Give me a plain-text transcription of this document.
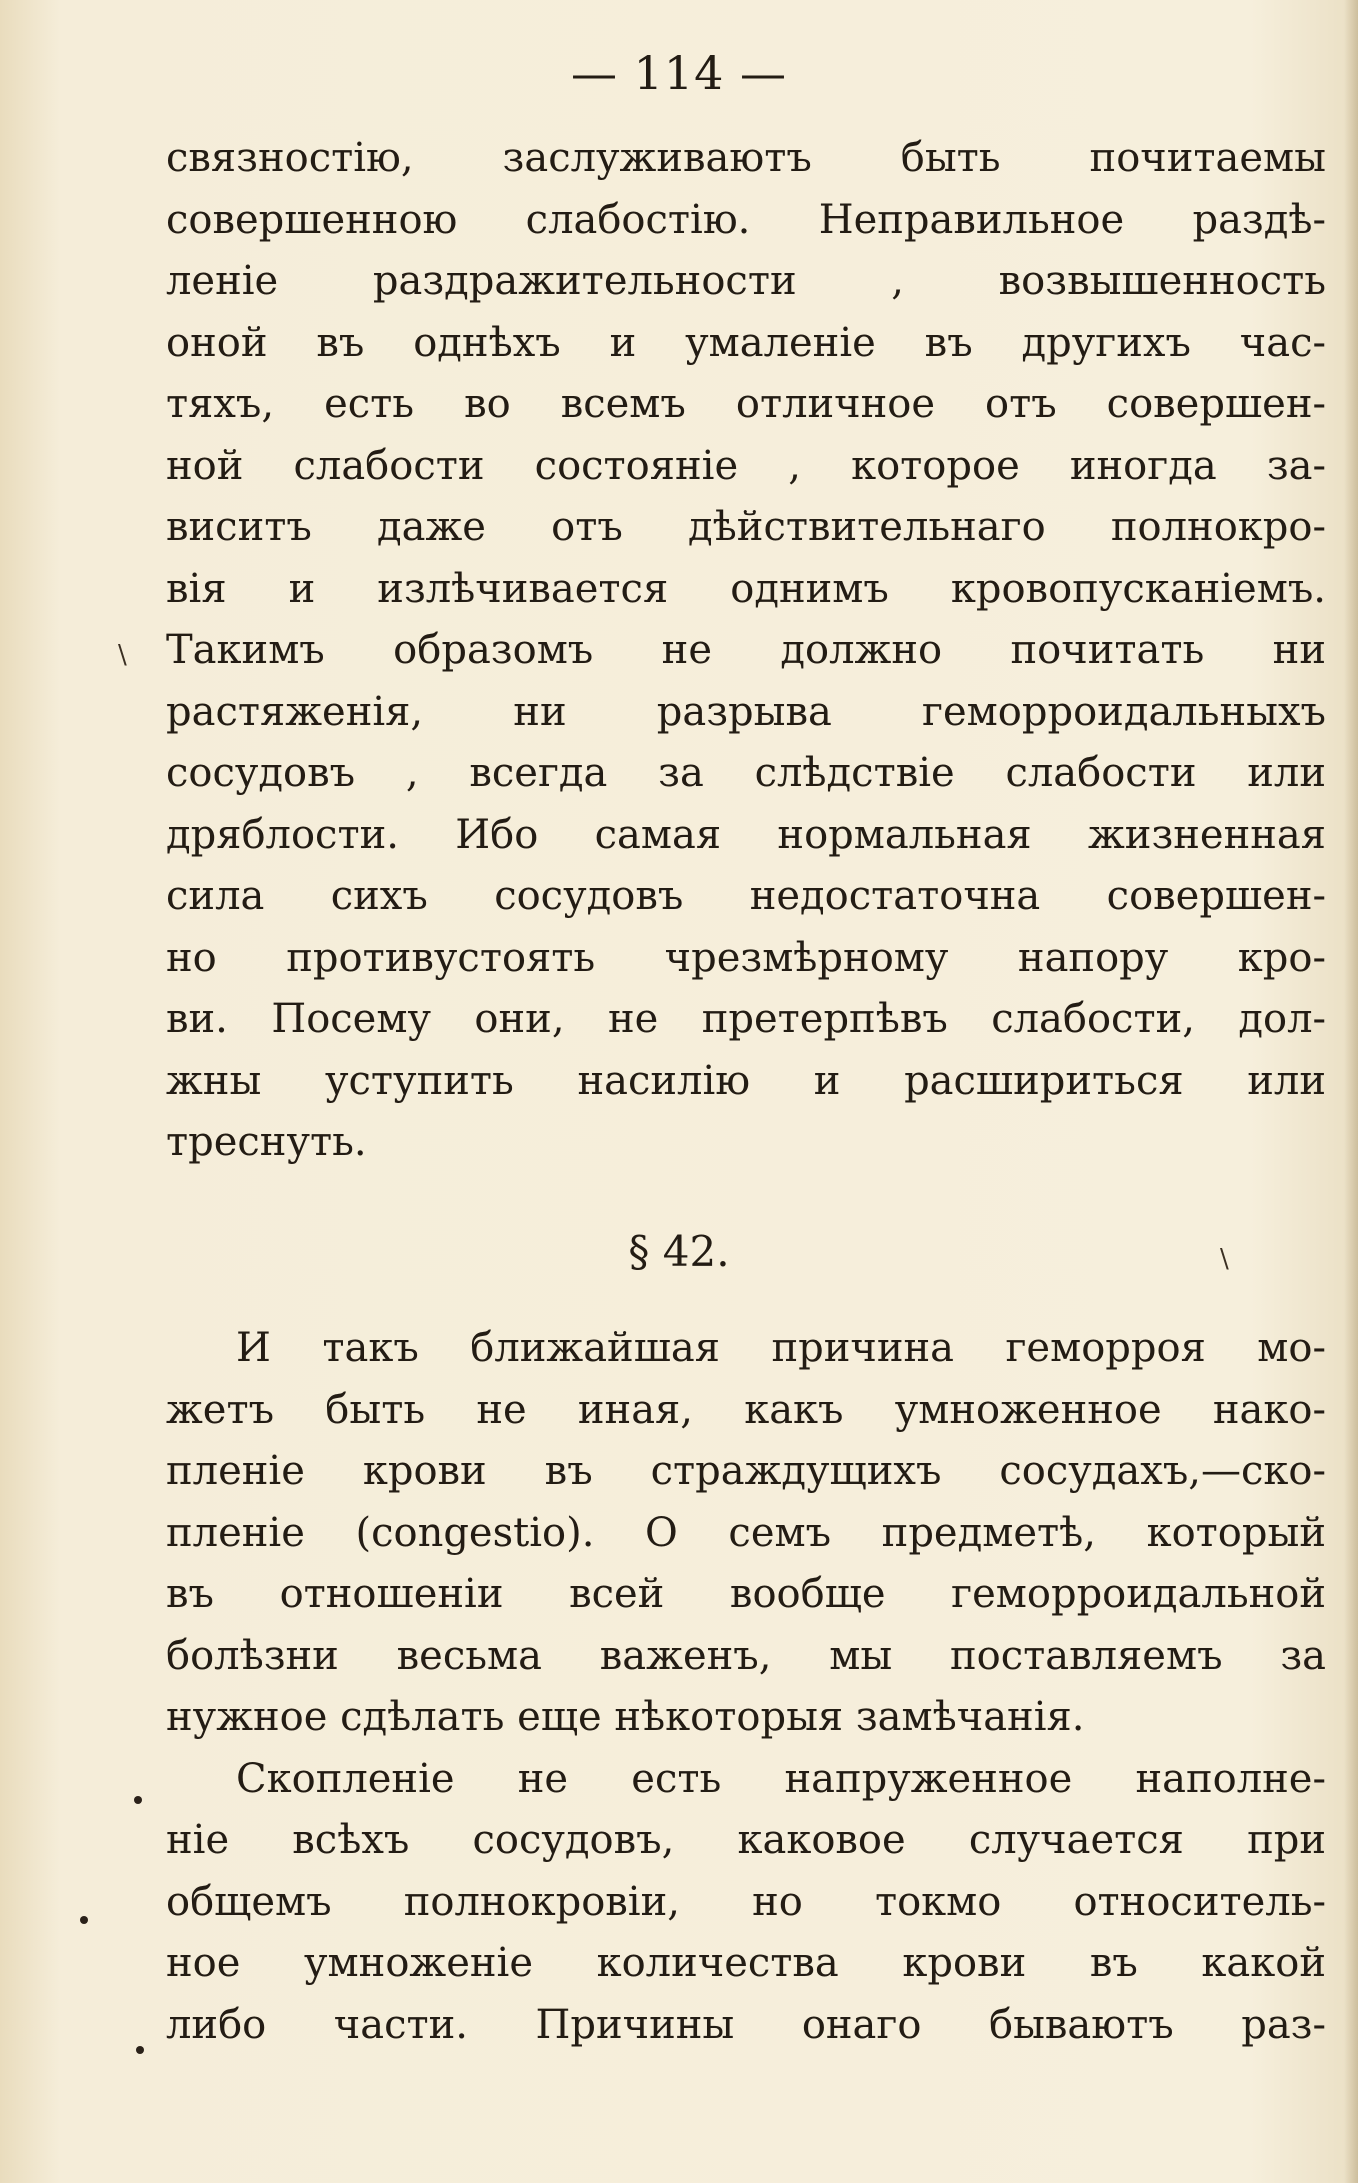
— 114 —
связностію, заслуживаютъ быть почитаемы
совершенною слабостію. Неправильное раздѣ-
леніе раздражительности , возвышенность
оной въ однѣхъ и умаленіе въ другихъ час-
тяхъ, есть во всемъ отличное отъ совершен-
ной слабости состояніе , которое иногда за-
виситъ даже отъ дѣйствительнаго полнокро-
вія и излѣчивается однимъ кровопусканіемъ.
Такимъ образомъ не должно почитать ни
растяженія, ни разрыва геморроидальныхъ
сосудовъ , всегда за слѣдствіе слабости или
дряблости. Ибо самая нормальная жизненная
сила сихъ сосудовъ недостаточна совершен-
но противустоять чрезмѣрному напору кро-
ви. Посему они, не претерпѣвъ слабости, дол-
жны уступить насилію и расшириться или
треснуть.
§ 42.
И такъ ближайшая причина геморроя мо-
жетъ быть не иная, какъ умноженное нако-
пленіе крови въ страждущихъ сосудахъ,—ско-
пленіе (congestio). О семъ предметѣ, который
въ отношеніи всей вообще геморроидальной
болѣзни весьма важенъ, мы поставляемъ за
нужное сдѣлать еще нѣкоторыя замѣчанія.
Скопленіе не есть напруженное наполне-
ніе всѣхъ сосудовъ, каковое случается при
общемъ полнокровіи, но токмо относитель-
ное умноженіе количества крови въ какой
либо части. Причины онаго бываютъ раз-
\
\
